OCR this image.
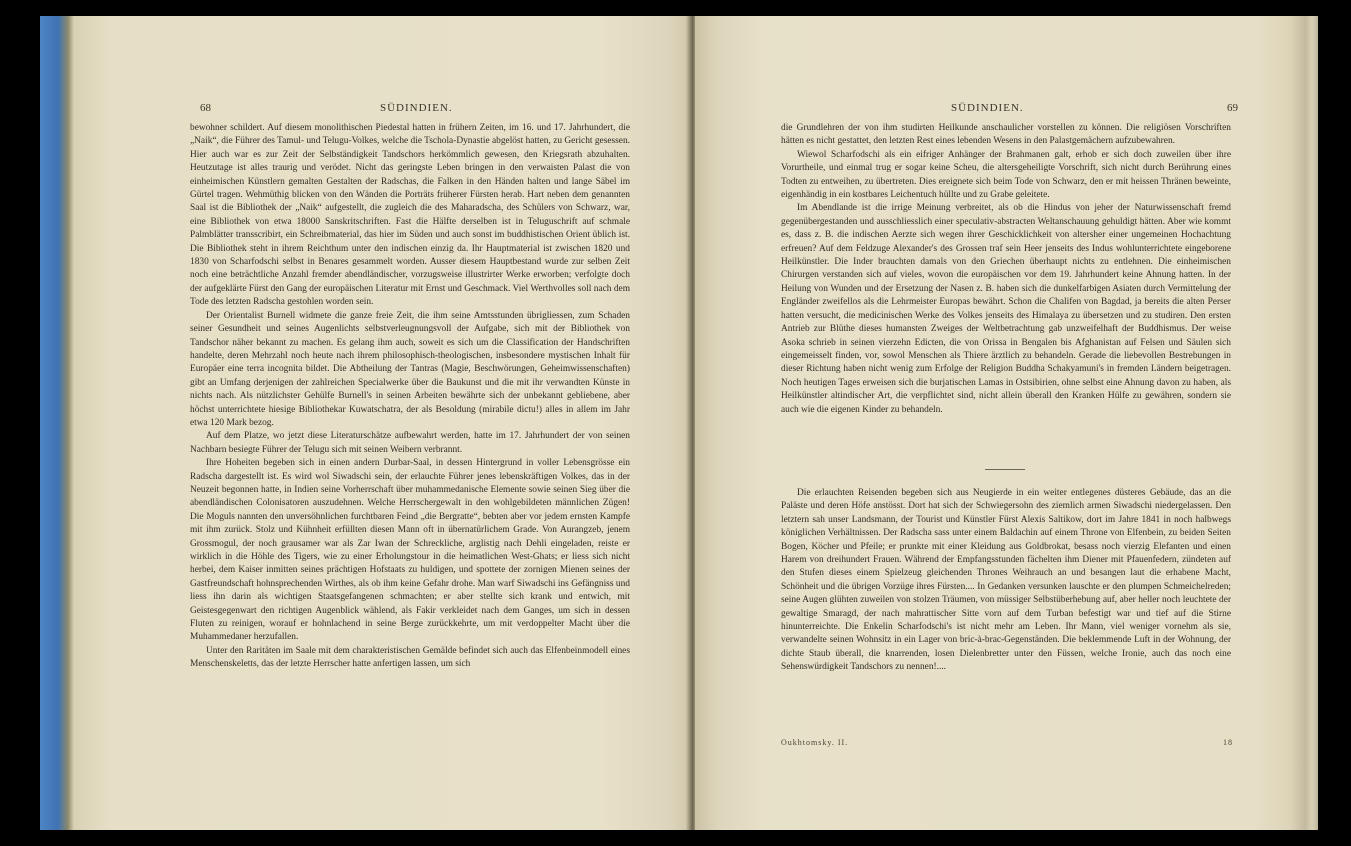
68	SÜDINDIEN.

bewohner schildert. Auf diesem monolithischen Piedestal hatten in frühern Zeiten, im 16. und 17. Jahrhundert, die „Naik“, die Führer des Tamul- und Telugu-Volkes, welche die Tschola-Dynastie abgelöst hatten, zu Gericht gesessen. Hier auch war es zur Zeit der Selbständigkeit Tandschors herkömmlich gewesen, den Kriegsrath abzuhalten. Heutzutage ist alles traurig und verödet. Nicht das geringste Leben bringen in den verwaisten Palast die von einheimischen Künstlern gemalten Gestalten der Radschas, die Falken in den Händen halten und lange Säbel im Gürtel tragen. Wehmüthig blicken von den Wänden die Porträts früherer Fürsten herab. Hart neben dem genannten Saal ist die Bibliothek der „Naik“ aufgestellt, die zugleich die des Maharadscha, des Schülers von Schwarz, war, eine Bibliothek von etwa 18000 Sanskritschriften. Fast die Hälfte derselben ist in Teluguschrift auf schmale Palmblätter transscribirt, ein Schreibmaterial, das hier im Süden und auch sonst im buddhistischen Orient üblich ist. Die Bibliothek steht in ihrem Reichthum unter den indischen einzig da. Ihr Hauptmaterial ist zwischen 1820 und 1830 von Scharfodschi selbst in Benares gesammelt worden. Ausser diesem Hauptbestand wurde zur selben Zeit noch eine beträchtliche Anzahl fremder abendländischer, vorzugsweise illustrirter Werke erworben; verfolgte doch der aufgeklärte Fürst den Gang der europäischen Literatur mit Ernst und Geschmack. Viel Werthvolles soll nach dem Tode des letzten Radscha gestohlen worden sein.

Der Orientalist Burnell widmete die ganze freie Zeit, die ihm seine Amtsstunden übrigliessen, zum Schaden seiner Gesundheit und seines Augenlichts selbstverleugnungsvoll der Aufgabe, sich mit der Bibliothek von Tandschor näher bekannt zu machen. Es gelang ihm auch, soweit es sich um die Classification der Handschriften handelte, deren Mehrzahl noch heute nach ihrem philosophisch-theologischen, insbesondere mystischen Inhalt für Europäer eine terra incognita bildet. Die Abtheilung der Tantras (Magie, Beschwörungen, Geheimwissenschaften) gibt an Umfang derjenigen der zahlreichen Specialwerke über die Baukunst und die mit ihr verwandten Künste in nichts nach. Als nützlichster Gehülfe Burnell's in seinen Arbeiten bewährte sich der unbekannt gebliebene, aber höchst unterrichtete hiesige Bibliothekar Kuwatschatra, der als Besoldung (mirabile dictu!) alles in allem im Jahr etwa 120 Mark bezog.

Auf dem Platze, wo jetzt diese Literaturschätze aufbewahrt werden, hatte im 17. Jahrhundert der von seinen Nachbarn besiegte Führer der Telugu sich mit seinen Weibern verbrannt.

Ihre Hoheiten begeben sich in einen andern Durbar-Saal, in dessen Hintergrund in voller Lebensgrösse ein Radscha dargestellt ist. Es wird wol Siwadschi sein, der erlauchte Führer jenes lebenskräftigen Volkes, das in der Neuzeit begonnen hatte, in Indien seine Vorherrschaft über muhammedanische Elemente sowie seinen Sieg über die abendländischen Colonisatoren auszudehnen. Welche Herrschergewalt in den wohlgebildeten männlichen Zügen! Die Moguls nannten den unversöhnlichen furchtbaren Feind „die Bergratte“, bebten aber vor jedem ernsten Kampfe mit ihm zurück. Stolz und Kühnheit erfüllten diesen Mann oft in übernatürlichem Grade. Von Aurangzeb, jenem Grossmogul, der noch grausamer war als Zar Iwan der Schreckliche, arglistig nach Dehli eingeladen, reiste er wirklich in die Höhle des Tigers, wie zu einer Erholungstour in die heimatlichen West-Ghats; er liess sich nicht herbei, dem Kaiser inmitten seines prächtigen Hofstaats zu huldigen, und spottete der zornigen Mienen seines der Gastfreundschaft hohnsprechenden Wirthes, als ob ihm keine Gefahr drohe. Man warf Siwadschi ins Gefängniss und liess ihn darin als wichtigen Staatsgefangenen schmachten; er aber stellte sich krank und entwich, mit Geistesgegenwart den richtigen Augenblick wählend, als Fakir verkleidet nach dem Ganges, um sich in dessen Fluten zu reinigen, worauf er hohnlachend in seine Berge zurückkehrte, um mit verdoppelter Macht über die Muhammedaner herzufallen.

Unter den Raritäten im Saale mit dem charakteristischen Gemälde befindet sich auch das Elfenbeinmodell eines Menschenskeletts, das der letzte Herrscher hatte anfertigen lassen, um sich

SÜDINDIEN.	69

die Grundlehren der von ihm studirten Heilkunde anschaulicher vorstellen zu können. Die religiösen Vorschriften hätten es nicht gestattet, den letzten Rest eines lebenden Wesens in den Palastgemächern aufzubewahren.

Wiewol Scharfodschi als ein eifriger Anhänger der Brahmanen galt, erhob er sich doch zuweilen über ihre Vorurtheile, und einmal trug er sogar keine Scheu, die altersgeheiligte Vorschrift, sich nicht durch Berührung eines Todten zu entweihen, zu übertreten. Dies ereignete sich beim Tode von Schwarz, den er mit heissen Thränen beweinte, eigenhändig in ein kostbares Leichentuch hüllte und zu Grabe geleitete.

Im Abendlande ist die irrige Meinung verbreitet, als ob die Hindus von jeher der Naturwissenschaft fremd gegenübergestanden und ausschliesslich einer speculativ-abstracten Weltanschauung gehuldigt hätten. Aber wie kommt es, dass z. B. die indischen Aerzte sich wegen ihrer Geschicklichkeit von altersher einer ungemeinen Hochachtung erfreuen? Auf dem Feldzuge Alexander's des Grossen traf sein Heer jenseits des Indus wohlunterrichtete eingeborene Heilkünstler. Die Inder brauchten damals von den Griechen überhaupt nichts zu entlehnen. Die einheimischen Chirurgen verstanden sich auf vieles, wovon die europäischen vor dem 19. Jahrhundert keine Ahnung hatten. In der Heilung von Wunden und der Ersetzung der Nasen z. B. haben sich die dunkelfarbigen Asiaten durch Vermittelung der Engländer zweifellos als die Lehrmeister Europas bewährt. Schon die Chalifen von Bagdad, ja bereits die alten Perser hatten versucht, die medicinischen Werke des Volkes jenseits des Himalaya zu übersetzen und zu studiren. Den ersten Antrieb zur Blüthe dieses humansten Zweiges der Weltbetrachtung gab unzweifelhaft der Buddhismus. Der weise Asoka schrieb in seinen vierzehn Edicten, die von Orissa in Bengalen bis Afghanistan auf Felsen und Säulen sich eingemeisselt finden, vor, sowol Menschen als Thiere ärztlich zu behandeln. Gerade die liebevollen Bestrebungen in dieser Richtung haben nicht wenig zum Erfolge der Religion Buddha Schakyamuni's in fremden Ländern beigetragen. Noch heutigen Tages erweisen sich die burjatischen Lamas in Ostsibirien, ohne selbst eine Ahnung davon zu haben, als Heilkünstler altindischer Art, die verpflichtet sind, nicht allein überall den Kranken Hülfe zu gewähren, sondern sie auch wie die eigenen Kinder zu behandeln.

Die erlauchten Reisenden begeben sich aus Neugierde in ein weiter entlegenes düsteres Gebäude, das an die Paläste und deren Höfe anstösst. Dort hat sich der Schwiegersohn des ziemlich armen Siwadschi niedergelassen. Den letztern sah unser Landsmann, der Tourist und Künstler Fürst Alexis Saltikow, dort im Jahre 1841 in noch halbwegs königlichen Verhältnissen. Der Radscha sass unter einem Baldachin auf einem Throne von Elfenbein, zu beiden Seiten Bogen, Köcher und Pfeile; er prunkte mit einer Kleidung aus Goldbrokat, besass noch vierzig Elefanten und einen Harem von dreihundert Frauen. Während der Empfangsstunden fächelten ihm Diener mit Pfauenfedern, zündeten auf den Stufen dieses einem Spielzeug gleichenden Thrones Weihrauch an und besangen laut die erhabene Macht, Schönheit und die übrigen Vorzüge ihres Fürsten.... In Gedanken versunken lauschte er den plumpen Schmeichelreden; seine Augen glühten zuweilen von stolzen Träumen, von müssiger Selbstüberhebung auf, aber heller noch leuchtete der gewaltige Smaragd, der nach mahrattischer Sitte vorn auf dem Turban befestigt war und tief auf die Stirne hinunterreichte. Die Enkelin Scharfodschi's ist nicht mehr am Leben. Ihr Mann, viel weniger vornehm als sie, verwandelte seinen Wohnsitz in ein Lager von bric-à-brac-Gegenständen. Die beklemmende Luft in der Wohnung, der dichte Staub überall, die knarrenden, losen Dielenbretter unter den Füssen, welche Ironie, auch das noch eine Sehenswürdigkeit Tandschors zu nennen!....

Oukhtomsky. II.	18
